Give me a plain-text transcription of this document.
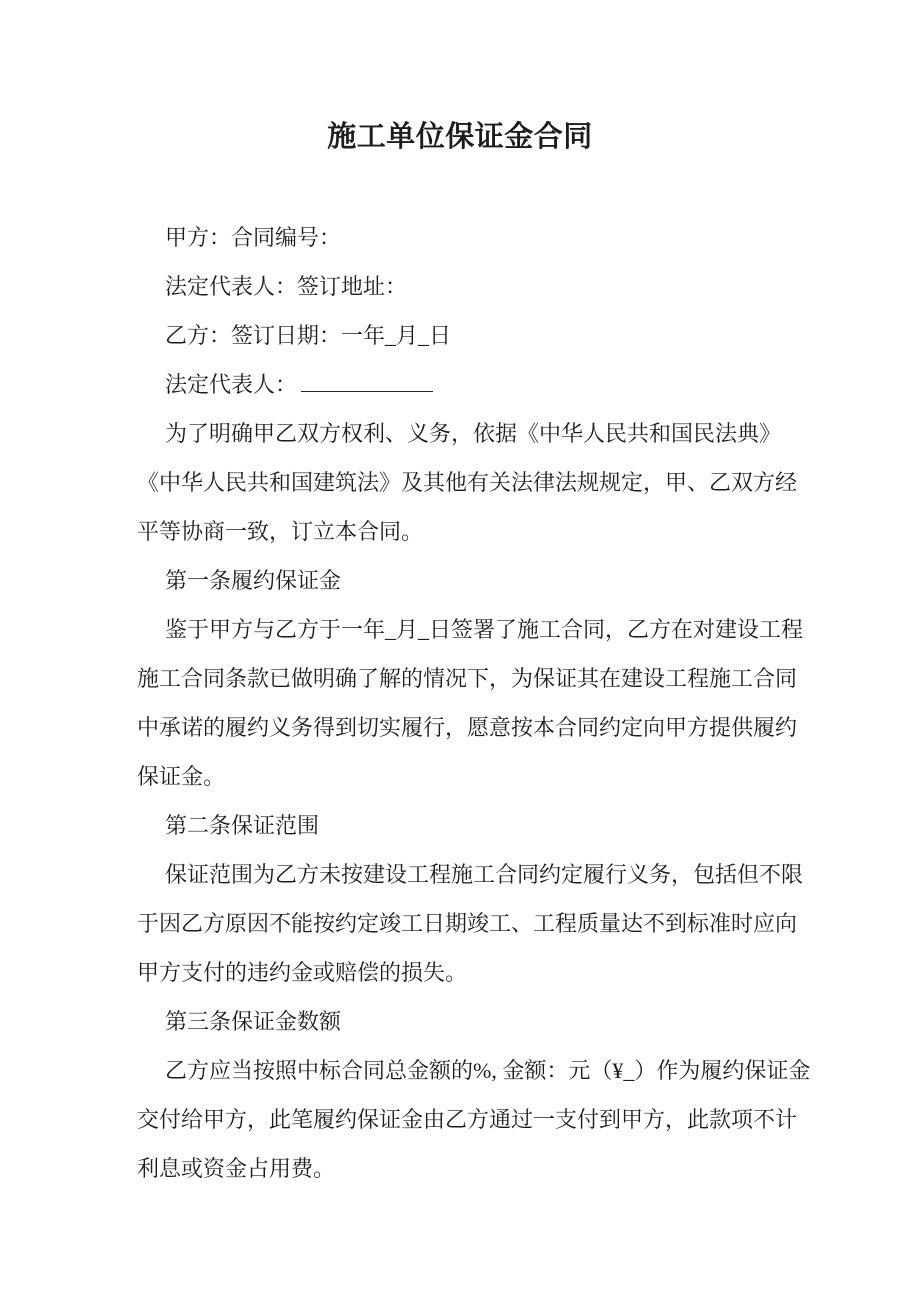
施工单位保证金合同
甲方：合同编号：
法定代表人：签订地址：
乙方：签订日期：一年_月_日
法定代表人：
为了明确甲乙双方权利、义务，依据《中华人民共和国民法典》
《中华人民共和国建筑法》及其他有关法律法规规定，甲、乙双方经
平等协商一致，订立本合同。
第一条履约保证金
鉴于甲方与乙方于一年_月_日签署了施工合同，乙方在对建设工程
施工合同条款已做明确了解的情况下，为保证其在建设工程施工合同
中承诺的履约义务得到切实履行，愿意按本合同约定向甲方提供履约
保证金。
第二条保证范围
保证范围为乙方未按建设工程施工合同约定履行义务，包括但不限
于因乙方原因不能按约定竣工日期竣工、工程质量达不到标准时应向
甲方支付的违约金或赔偿的损失。
第三条保证金数额
乙方应当按照中标合同总金额的%, 金额：元（¥_）作为履约保证金
交付给甲方，此笔履约保证金由乙方通过一支付到甲方，此款项不计
利息或资金占用费。
